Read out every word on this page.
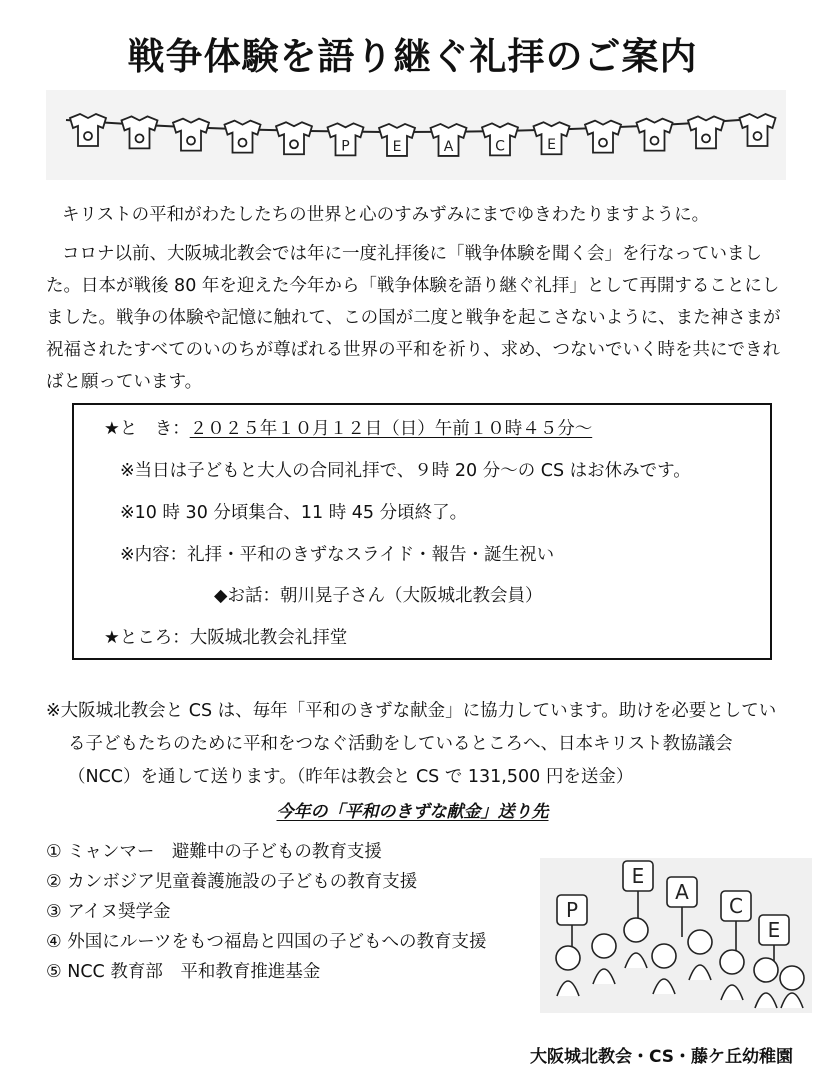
戦争体験を語り継ぐ礼拝のご案内
P	E	A	C	E
キリストの平和がわたしたちの世界と心のすみずみにまでゆきわたりますように。
コロナ以前、大阪城北教会では年に一度礼拝後に「戦争体験を聞く会」を行なっていました。日本が戦後 80 年を迎えた今年から「戦争体験を語り継ぐ礼拝」として再開することにしました。戦争の体験や記憶に触れて、この国が二度と戦争を起こさないように、また神さまが祝福されたすべてのいのちが尊ばれる世界の平和を祈り、求め、つないでいく時を共にできればと願っています。
★と　き：２０２５年１０月１２日（日）午前１０時４５分～
※当日は子どもと大人の合同礼拝で、９時 20 分～の CS はお休みです。
※10 時 30 分頃集合、11 時 45 分頃終了。
※内容：礼拝・平和のきずなスライド・報告・誕生祝い
◆お話：朝川晃子さん（大阪城北教会員）
★ところ：大阪城北教会礼拝堂
※大阪城北教会と CS は、毎年「平和のきずな献金」に協力しています。助けを必要としている子どもたちのために平和をつなぐ活動をしているところへ、日本キリスト教協議会（NCC）を通して送ります。（昨年は教会と CS で 131,500 円を送金）
今年の「平和のきずな献金」送り先
① ミャンマー　避難中の子どもの教育支援
② カンボジア児童養護施設の子どもの教育支援
③ アイヌ奨学金
④ 外国にルーツをもつ福島と四国の子どもへの教育支援
⑤ NCC 教育部　平和教育推進基金
P
E
A
C
E
大阪城北教会・CS・藤ケ丘幼稚園
